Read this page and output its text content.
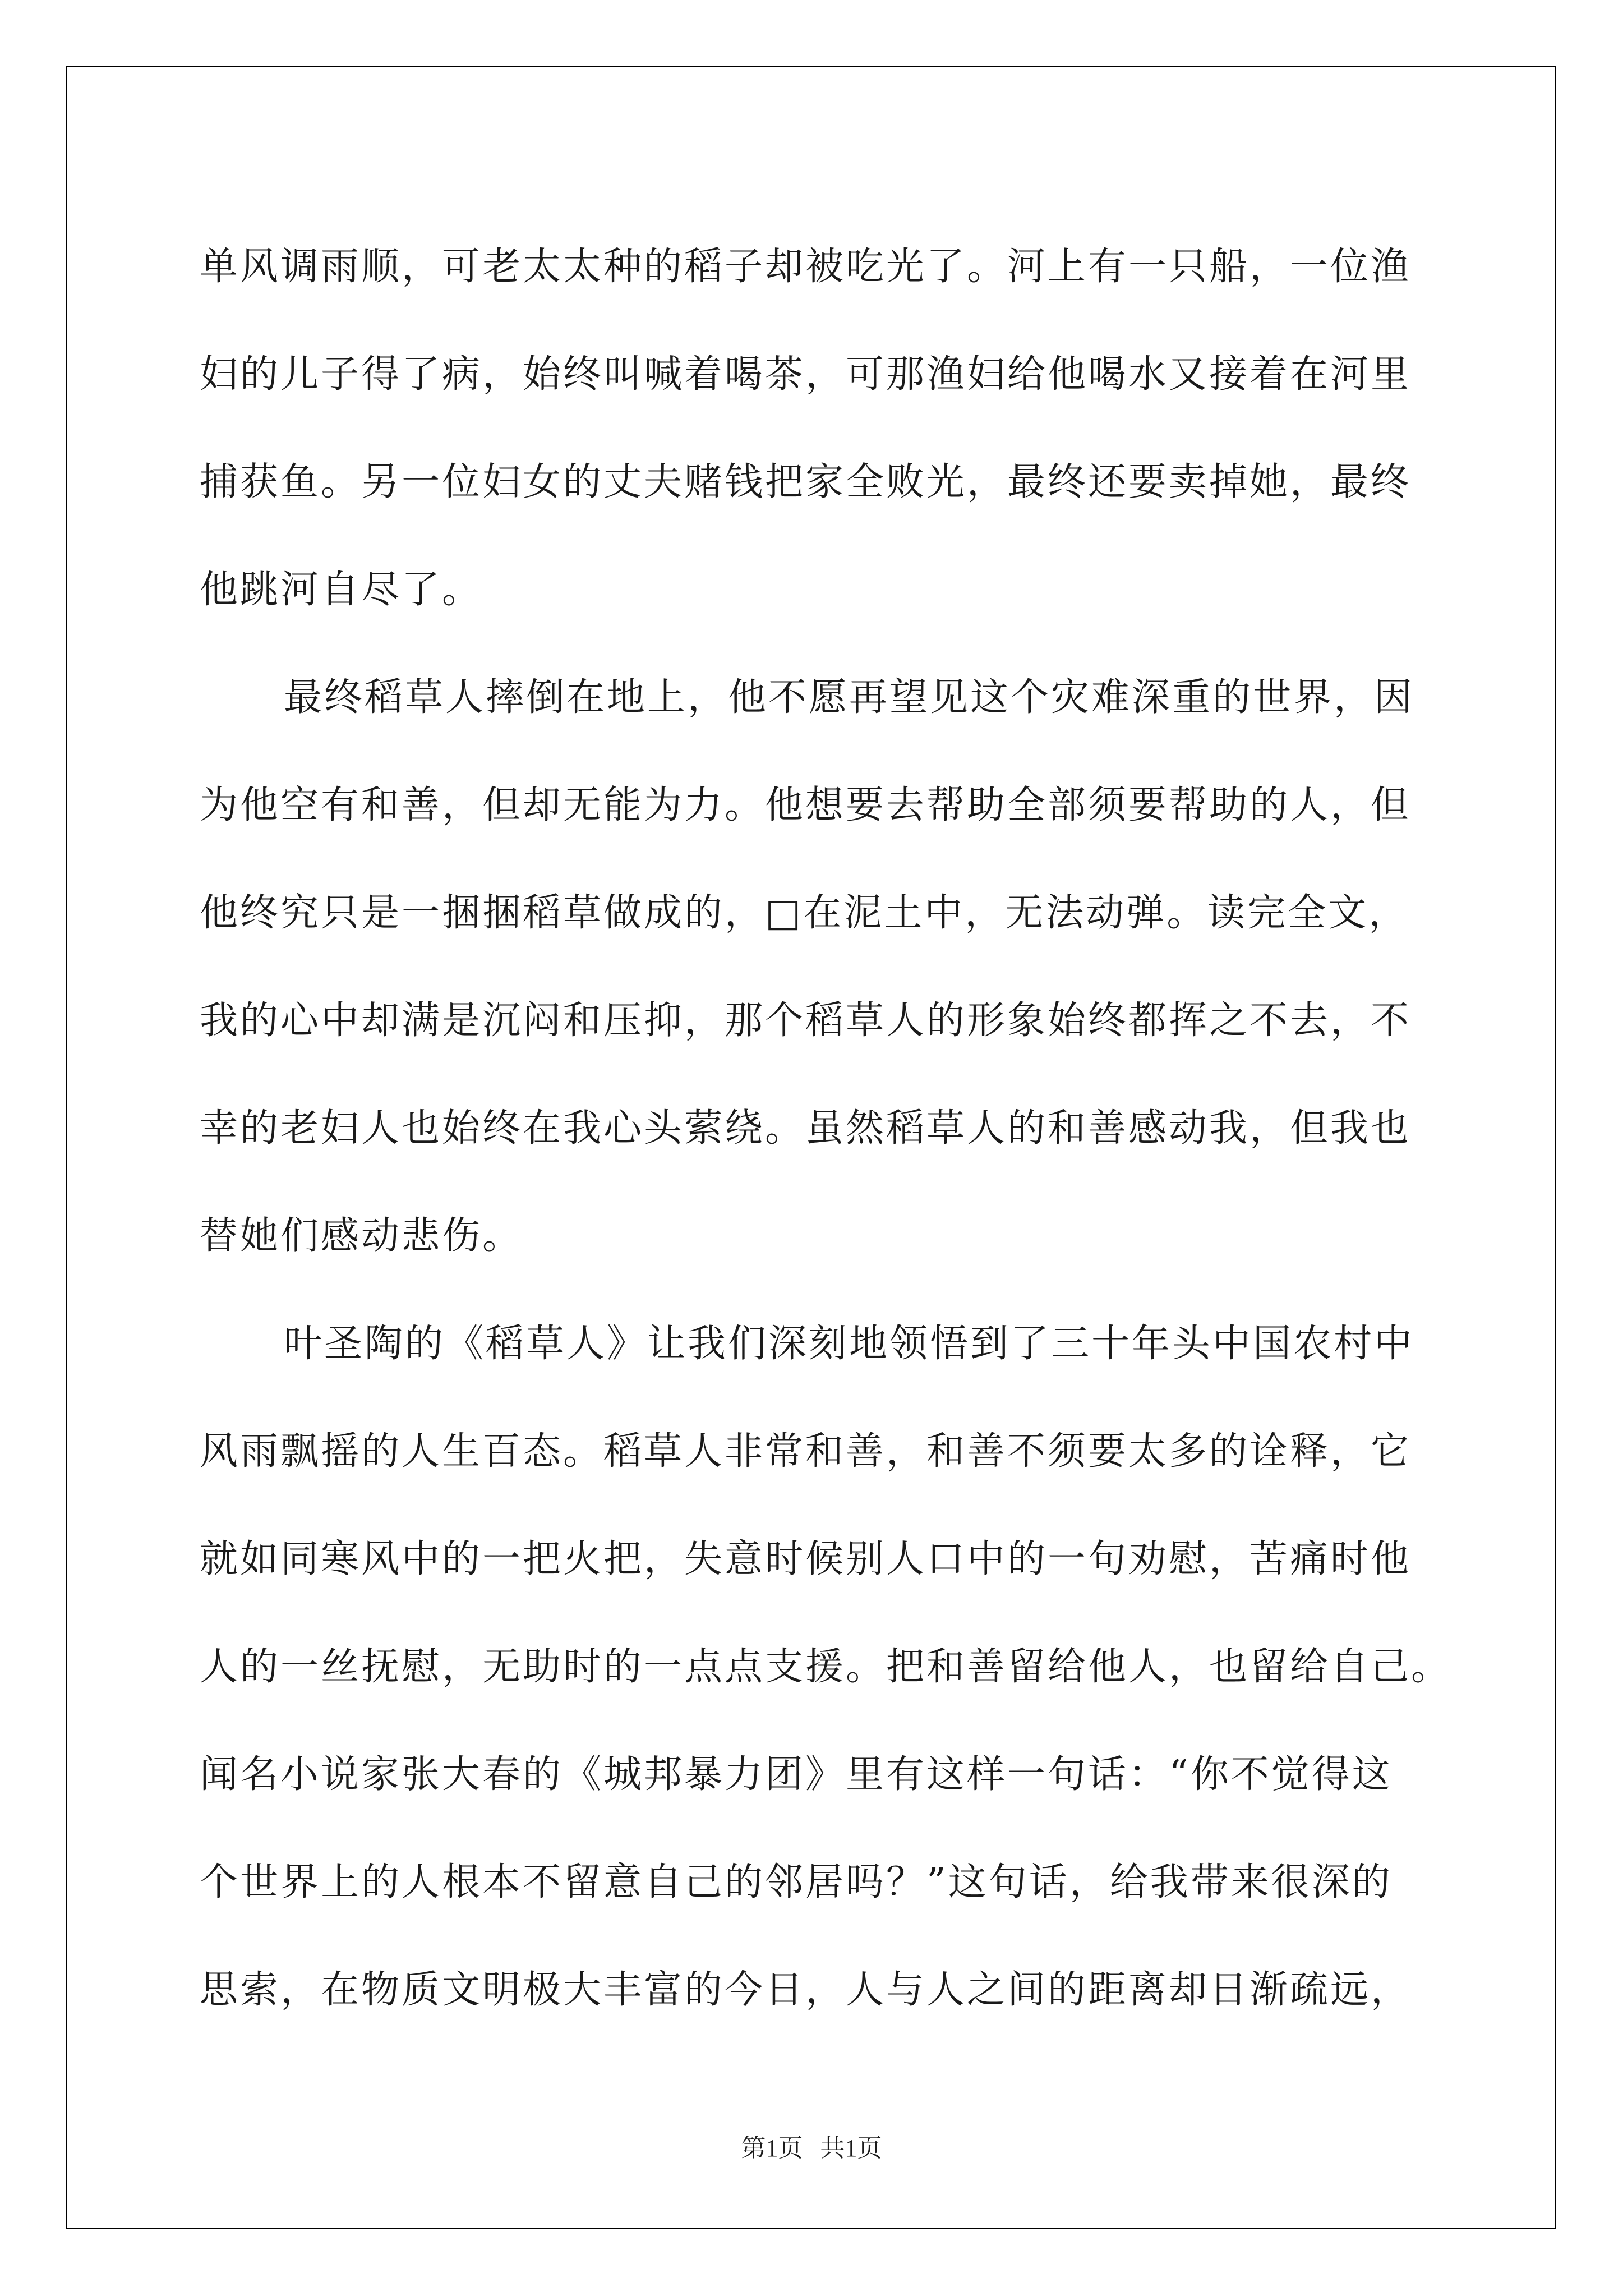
单风调雨顺，可老太太种的稻子却被吃光了。河上有一只船，一位渔
妇的儿子得了病，始终叫喊着喝茶，可那渔妇给他喝水又接着在河里
捕获鱼。另一位妇女的丈夫赌钱把家全败光，最终还要卖掉她，最终
他跳河自尽了。
最终稻草人摔倒在地上，他不愿再望见这个灾难深重的世界，因
为他空有和善，但却无能为力。他想要去帮助全部须要帮助的人，但
他终究只是一捆捆稻草做成的，□在泥土中，无法动弹。读完全文，
我的心中却满是沉闷和压抑，那个稻草人的形象始终都挥之不去，不
幸的老妇人也始终在我心头萦绕。虽然稻草人的和善感动我，但我也
替她们感动悲伤。
叶圣陶的《稻草人》让我们深刻地领悟到了三十年头中国农村中
风雨飘摇的人生百态。稻草人非常和善，和善不须要太多的诠释，它
就如同寒风中的一把火把，失意时候别人口中的一句劝慰，苦痛时他
人的一丝抚慰，无助时的一点点支援。把和善留给他人，也留给自己。
闻名小说家张大春的《城邦暴力团》里有这样一句话：“你不觉得这
个世界上的人根本不留意自己的邻居吗？”这句话，给我带来很深的
思索，在物质文明极大丰富的今日，人与人之间的距离却日渐疏远，
第1页 共1页
